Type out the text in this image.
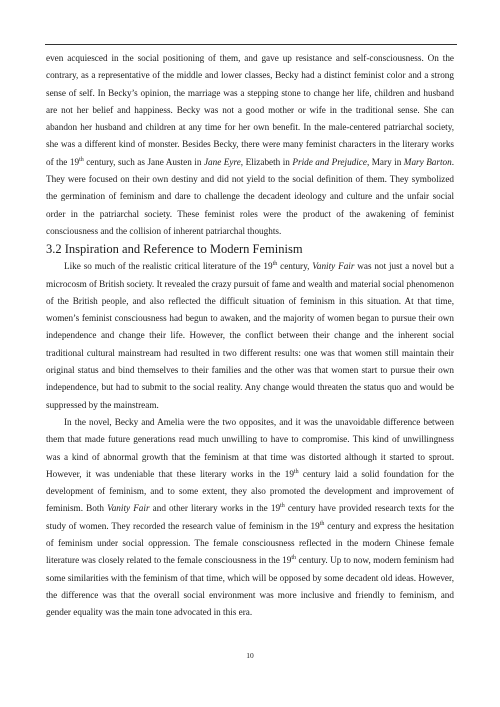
even acquiesced in the social positioning of them, and gave up resistance and self-consciousness. On the contrary, as a representative of the middle and lower classes, Becky had a distinct feminist color and a strong sense of self. In Becky’s opinion, the marriage was a stepping stone to change her life, children and husband are not her belief and happiness. Becky was not a good mother or wife in the traditional sense. She can abandon her husband and children at any time for her own benefit. In the male-centered patriarchal society, she was a different kind of monster. Besides Becky, there were many feminist characters in the literary works of the 19th century, such as Jane Austen in Jane Eyre, Elizabeth in Pride and Prejudice, Mary in Mary Barton. They were focused on their own destiny and did not yield to the social definition of them. They symbolized the germination of feminism and dare to challenge the decadent ideology and culture and the unfair social order in the patriarchal society. These feminist roles were the product of the awakening of feminist consciousness and the collision of inherent patriarchal thoughts.

3.2 Inspiration and Reference to Modern Feminism

Like so much of the realistic critical literature of the 19th century, Vanity Fair was not just a novel but a microcosm of British society. It revealed the crazy pursuit of fame and wealth and material social phenomenon of the British people, and also reflected the difficult situation of feminism in this situation. At that time, women’s feminist consciousness had begun to awaken, and the majority of women began to pursue their own independence and change their life. However, the conflict between their change and the inherent social traditional cultural mainstream had resulted in two different results: one was that women still maintain their original status and bind themselves to their families and the other was that women start to pursue their own independence, but had to submit to the social reality. Any change would threaten the status quo and would be suppressed by the mainstream.

In the novel, Becky and Amelia were the two opposites, and it was the unavoidable difference between them that made future generations read much unwilling to have to compromise. This kind of unwillingness was a kind of abnormal growth that the feminism at that time was distorted although it started to sprout. However, it was undeniable that these literary works in the 19th century laid a solid foundation for the development of feminism, and to some extent, they also promoted the development and improvement of feminism. Both Vanity Fair and other literary works in the 19th century have provided research texts for the study of women. They recorded the research value of feminism in the 19th century and express the hesitation of feminism under social oppression. The female consciousness reflected in the modern Chinese female literature was closely related to the female consciousness in the 19th century. Up to now, modern feminism had some similarities with the feminism of that time, which will be opposed by some decadent old ideas. However, the difference was that the overall social environment was more inclusive and friendly to feminism, and gender equality was the main tone advocated in this era.

10
